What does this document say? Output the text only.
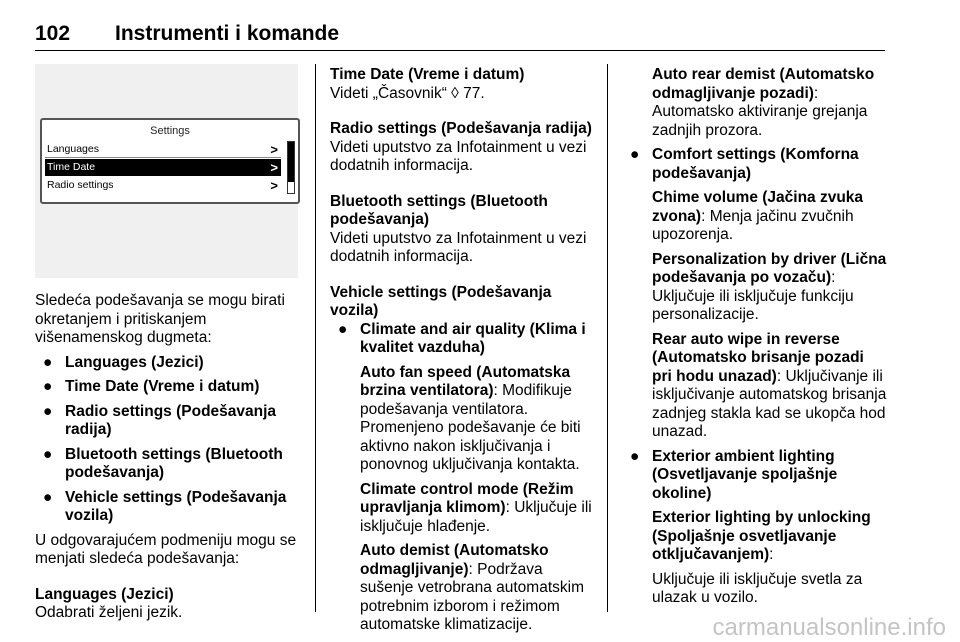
102 Instrumenti i komande
Settings
Languages	>
Time Date	>
Radio settings	>

Sledeća podešavanja se mogu birati okretanjem i pritiskanjem višenamenskog dugmeta:

● Languages (Jezici)
● Time Date (Vreme i datum)
● Radio settings (Podešavanja radija)
● Bluetooth settings (Bluetooth podešavanja)
● Vehicle settings (Podešavanja vozila)

U odgovarajućem podmeniju mogu se menjati sledeća podešavanja:

Languages (Jezici)

Odabrati željeni jezik.

Time Date (Vreme i datum)

Videti „Časovnik“ ◊ 77.

Radio settings (Podešavanja radija)

Videti uputstvo za Infotainment u vezi dodatnih informacija.

Bluetooth settings (Bluetooth podešavanja)

Videti uputstvo za Infotainment u vezi dodatnih informacija.

Vehicle settings (Podešavanja vozila)

● Climate and air quality (Klima i kvalitet vazduha)

Auto fan speed (Automatska brzina ventilatora): Modifikuje podešavanja ventilatora. Promenjeno podešavanje će biti aktivno nakon isključivanja i ponovnog uključivanja kontakta.

Climate control mode (Režim upravljanja klimom): Uključuje ili isključuje hlađenje.

Auto demist (Automatsko odmagljivanje): Podržava sušenje vetrobrana automatskim potrebnim izborom i režimom automatske klimatizacije.

Auto rear demist (Automatsko odmagljivanje pozadi): Automatsko aktiviranje grejanja zadnjih prozora.

● Comfort settings (Komforna podešavanja)

Chime volume (Jačina zvuka zvona): Menja jačinu zvučnih upozorenja.

Personalization by driver (Lična podešavanja po vozaču): Uključuje ili isključuje funkciju personalizacije.

Rear auto wipe in reverse (Automatsko brisanje pozadi pri hodu unazad): Uključivanje ili isključivanje automatskog brisanja zadnjeg stakla kad se ukopča hod unazad.

● Exterior ambient lighting (Osvetljavanje spoljašnje okoline)

Exterior lighting by unlocking (Spoljašnje osvetljavanje otključavanjem):

Uključuje ili isključuje svetla za ulazak u vozilo.

carmanualsonline.info
